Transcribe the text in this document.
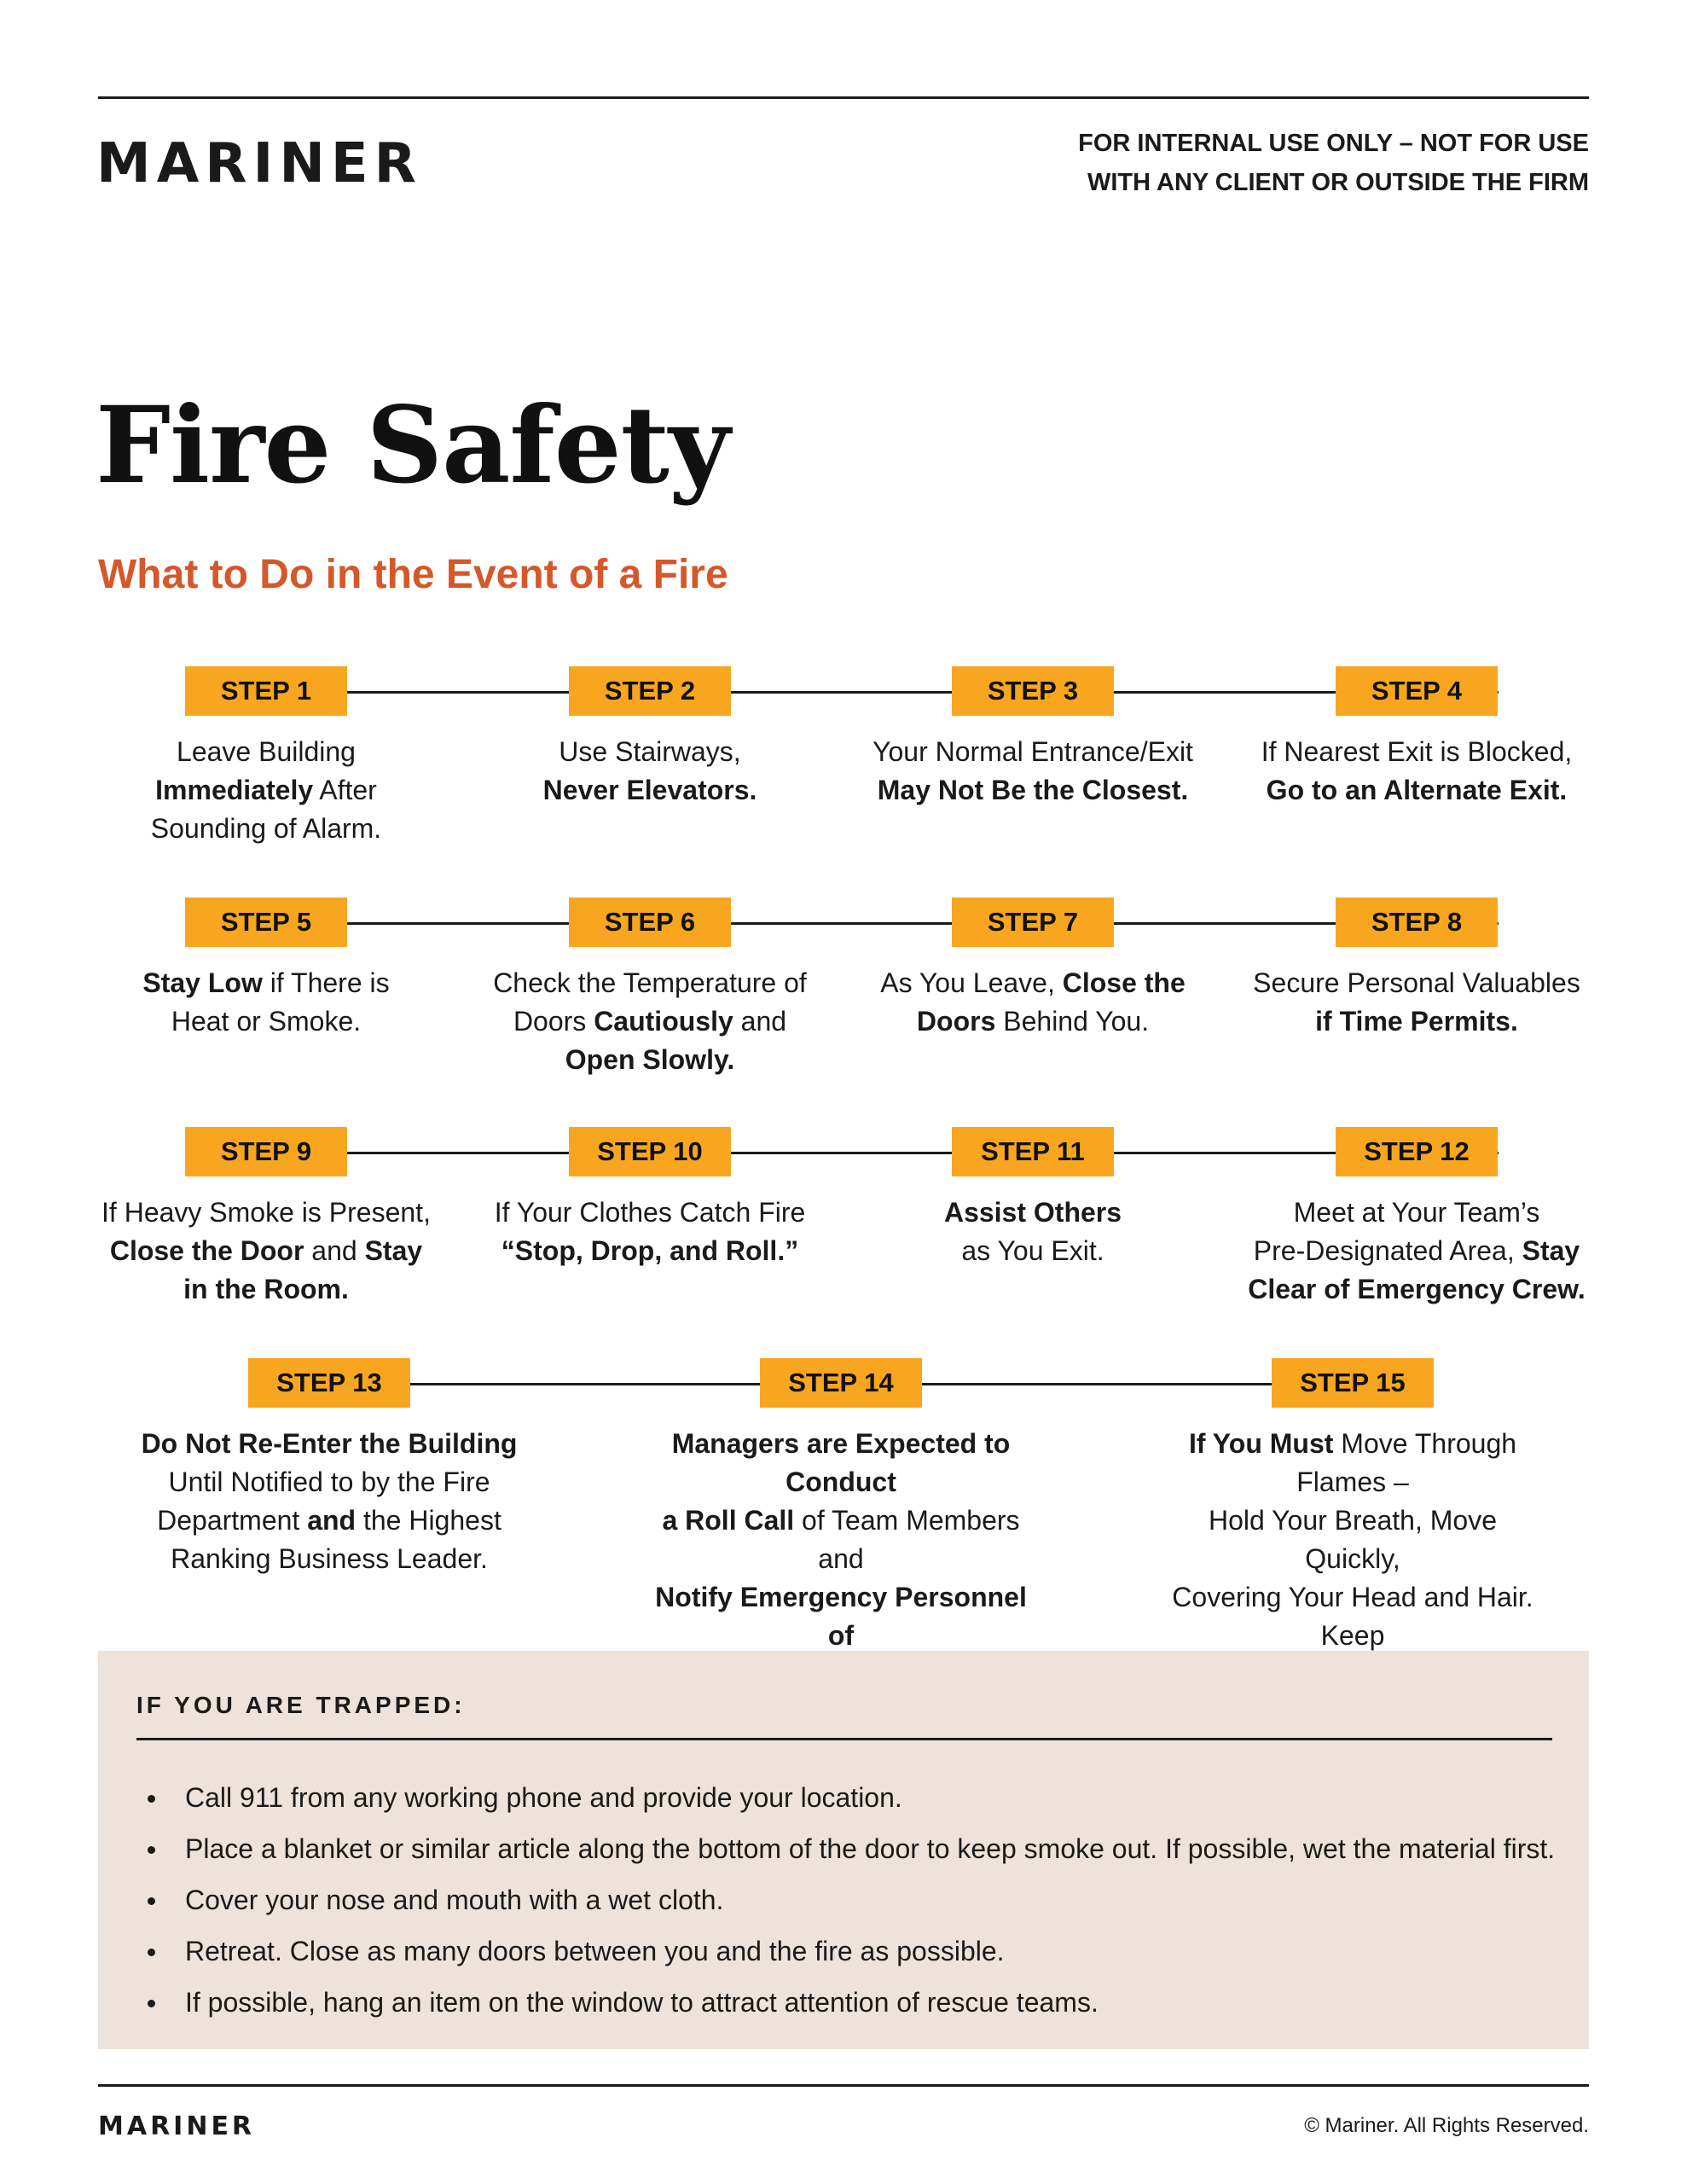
MARINER	FOR INTERNAL USE ONLY – NOT FOR USE
WITH ANY CLIENT OR OUTSIDE THE FIRM
Fire Safety
What to Do in the Event of a Fire
STEP 1
Leave Building
Immediately After
Sounding of Alarm.
STEP 2
Use Stairways,
Never Elevators.
STEP 3
Your Normal Entrance/Exit
May Not Be the Closest.
STEP 4
If Nearest Exit is Blocked,
Go to an Alternate Exit.
STEP 5
Stay Low if There is
Heat or Smoke.
STEP 6
Check the Temperature of
Doors Cautiously and
Open Slowly.
STEP 7
As You Leave, Close the
Doors Behind You.
STEP 8
Secure Personal Valuables
if Time Permits.
STEP 9
If Heavy Smoke is Present,
Close the Door and Stay
in the Room.
STEP 10
If Your Clothes Catch Fire
“Stop, Drop, and Roll.”
STEP 11
Assist Others
as You Exit.
STEP 12
Meet at Your Team’s
Pre-Designated Area, Stay
Clear of Emergency Crew.
STEP 13
Do Not Re-Enter the Building
Until Notified to by the Fire
Department and the Highest
Ranking Business Leader.
STEP 14
Managers are Expected to Conduct
a Roll Call of Team Members and
Notify Emergency Personnel of
STEP 15
If You Must Move Through Flames –
Hold Your Breath, Move Quickly,
Covering Your Head and Hair. Keep
IF YOU ARE TRAPPED:
Call 911 from any working phone and provide your location.
Place a blanket or similar article along the bottom of the door to keep smoke out. If possible, wet the material first.
Cover your nose and mouth with a wet cloth.
Retreat. Close as many doors between you and the fire as possible.
If possible, hang an item on the window to attract attention of rescue teams.
MARINER	© Mariner. All Rights Reserved.
